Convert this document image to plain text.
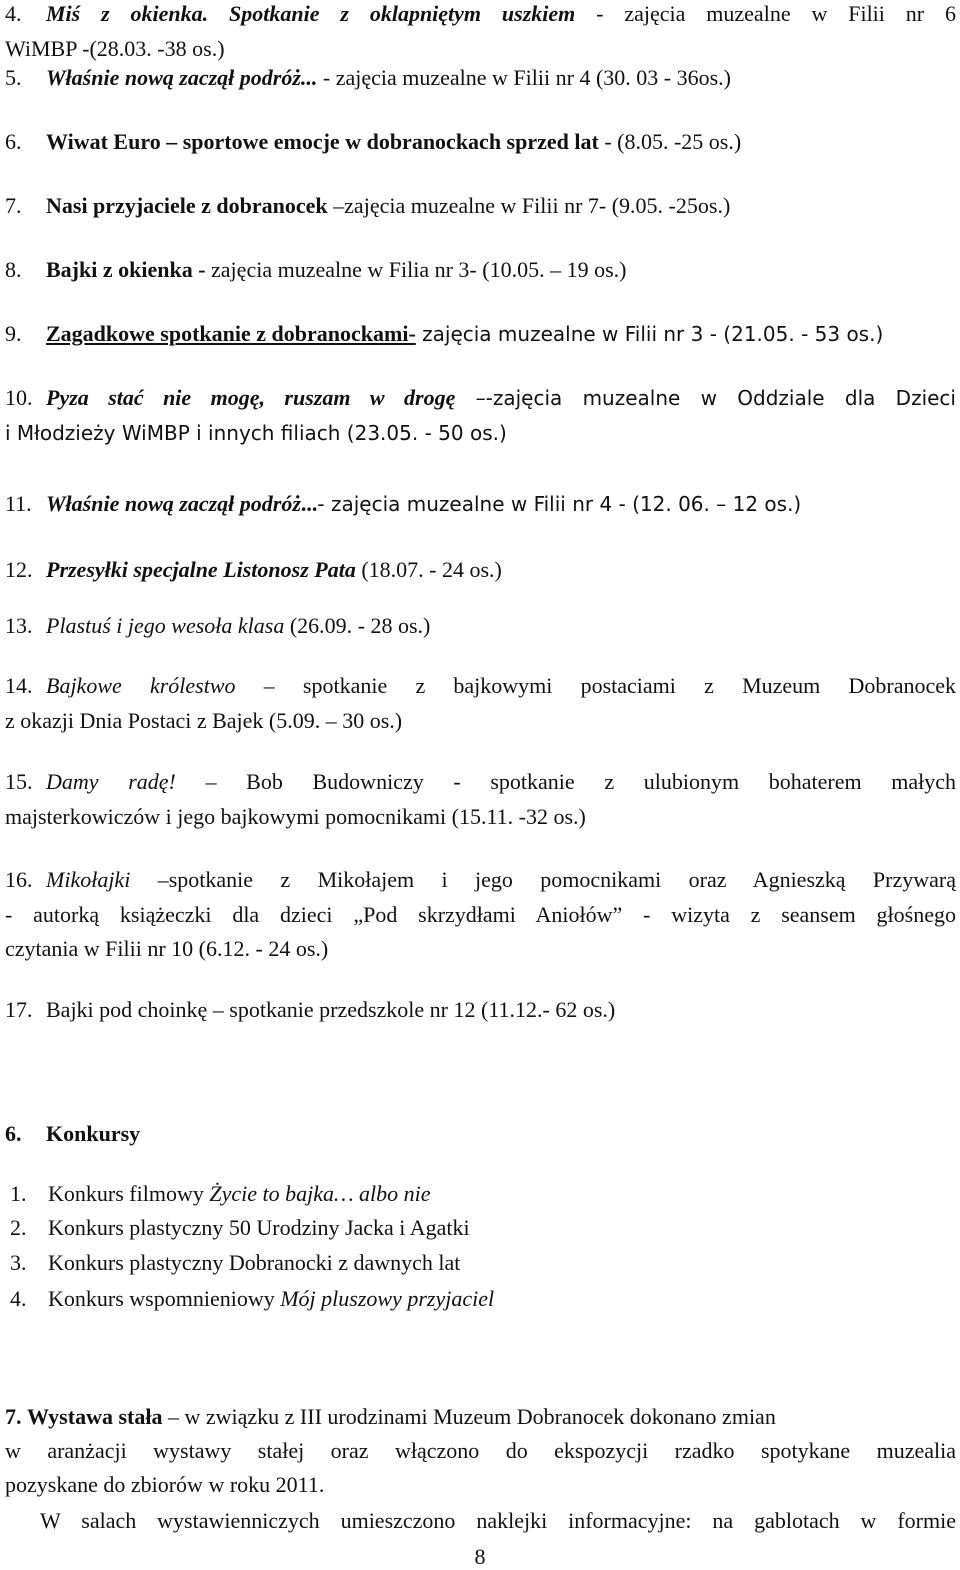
4. Miś z okienka. Spotkanie z oklapniętym uszkiem - zajęcia muzealne w Filii nr 6
WiMBP -(28.03. -38 os.)
5. Właśnie nową zaczął podróż... - zajęcia muzealne w Filii nr 4 (30. 03 - 36os.)
6. Wiwat Euro – sportowe emocje w dobranockach sprzed lat - (8.05. -25 os.)
7. Nasi przyjaciele z dobranocek –zajęcia muzealne w Filii nr 7- (9.05. -25os.)
8. Bajki z okienka - zajęcia muzealne w Filia nr 3- (10.05. – 19 os.)
9. Zagadkowe spotkanie z dobranockami- zajęcia muzealne w Filii nr 3 - (21.05. - 53 os.)
10. Pyza stać nie mogę, ruszam w drogę –-zajęcia muzealne w Oddziale dla Dzieci
i Młodzieży WiMBP i innych filiach (23.05. - 50 os.)
11. Właśnie nową zaczął podróż...- zajęcia muzealne w Filii nr 4 - (12. 06. – 12 os.)
12. Przesyłki specjalne Listonosz Pata (18.07. - 24 os.)
13. Plastuś i jego wesoła klasa (26.09. - 28 os.)
14. Bajkowe królestwo – spotkanie z bajkowymi postaciami z Muzeum Dobranocek
z okazji Dnia Postaci z Bajek (5.09. – 30 os.)
15. Damy radę! – Bob Budowniczy - spotkanie z ulubionym bohaterem małych
majsterkowiczów i jego bajkowymi pomocnikami (15.11. -32 os.)
16. Mikołajki –spotkanie z Mikołajem i jego pomocnikami oraz Agnieszką Przywarą
- autorką książeczki dla dzieci „Pod skrzydłami Aniołów” - wizyta z seansem głośnego
czytania w Filii nr 10 (6.12. - 24 os.)
17. Bajki pod choinkę – spotkanie przedszkole nr 12 (11.12.- 62 os.)
6. Konkursy
1. Konkurs filmowy Życie to bajka… albo nie
2. Konkurs plastyczny 50 Urodziny Jacka i Agatki
3. Konkurs plastyczny Dobranocki z dawnych lat
4. Konkurs wspomnieniowy Mój pluszowy przyjaciel
7. Wystawa stała – w związku z III urodzinami Muzeum Dobranocek dokonano zmian
w aranżacji wystawy stałej oraz włączono do ekspozycji rzadko spotykane muzealia
pozyskane do zbiorów w roku 2011.
W salach wystawienniczych umieszczono naklejki informacyjne: na gablotach w formie
8
